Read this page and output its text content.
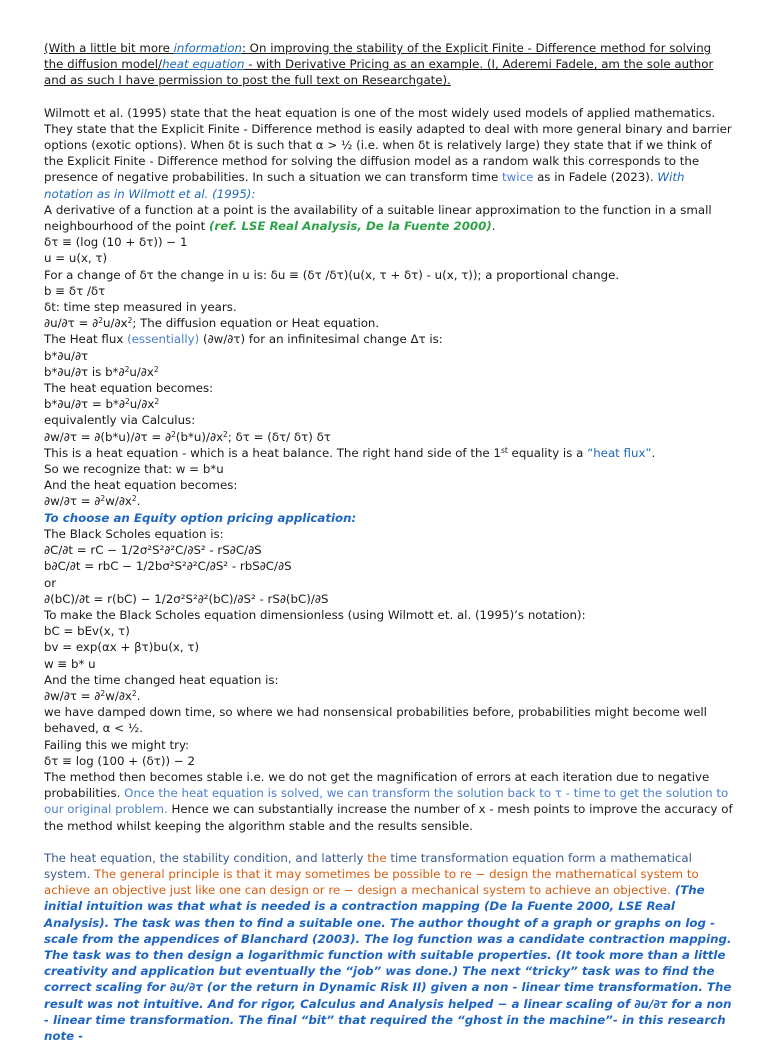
(With a little bit more information: On improving the stability of the Explicit Finite - Difference method for solving the diffusion model/heat equation - with Derivative Pricing as an example. (I, Aderemi Fadele, am the sole author and as such I have permission to post the full text on Researchgate).

Wilmott et al. (1995) state that the heat equation is one of the most widely used models of applied mathematics. They state that the Explicit Finite - Difference method is easily adapted to deal with more general binary and barrier options (exotic options). When δt is such that α > ½ (i.e. when δt is relatively large) they state that if we think of the Explicit Finite - Difference method for solving the diffusion model as a random walk this corresponds to the presence of negative probabilities. In such a situation we can transform time twice as in Fadele (2023). With notation as in Wilmott et al. (1995):

A derivative of a function at a point is the availability of a suitable linear approximation to the function in a small neighbourhood of the point (ref. LSE Real Analysis, De la Fuente 2000).

δτ ≡ (log (10 + δτ)) − 1

u = u(x, τ)

For a change of δτ the change in u is: δu ≡ (δτ /δτ)(u(x, τ + δτ) - u(x, τ)); a proportional change.

b ≡ δτ /δτ

δt: time step measured in years.

$\partial u/\partial\tau = \partial^2u/\partial x^2$; The diffusion equation or Heat equation.

The Heat flux (essentially) (∂w/∂τ) for an infinitesimal change Δτ is:

b*∂u/∂τ

b*∂u/∂τ is $b*\partial^2u/\partial x^2$

The heat equation becomes:

$b*\partial u/\partial\tau = b*\partial^2u/\partial x^2$

equivalently via Calculus:

$\partial w/\partial\tau = \partial(b*u)/\partial\tau = \partial^2(b*u)/\partial x^2$; δτ = (δτ/ δτ) δτ

This is a heat equation - which is a heat balance. The right hand side of the 1st equality is a “heat flux”.

So we recognize that: w = b*u

And the heat equation becomes:

$\partial w/\partial\tau = \partial^2w/\partial x^2$.

To choose an Equity option pricing application:

The Black Scholes equation is:

∂C/∂t = rC − 1/2σ²S²∂²C/∂S² - rS∂C/∂S

b∂C/∂t = rbC − 1/2bσ²S²∂²C/∂S² - rbS∂C/∂S

or

∂(bC)/∂t = r(bC) − 1/2σ²S²∂²(bC)/∂S² - rS∂(bC)/∂S

To make the Black Scholes equation dimensionless (using Wilmott et. al. (1995)’s notation):

bC = bEv(x, τ)

bv = exp(αx + βτ)bu(x, τ)

w ≡ b* u

And the time changed heat equation is:

$\partial w/\partial\tau = \partial^2w/\partial x^2$.

we have damped down time, so where we had nonsensical probabilities before, probabilities might become well behaved, α < ½.

Failing this we might try:

δτ ≡ log (100 + (δτ)) − 2

The method then becomes stable i.e. we do not get the magnification of errors at each iteration due to negative probabilities. Once the heat equation is solved, we can transform the solution back to τ - time to get the solution to our original problem. Hence we can substantially increase the number of x - mesh points to improve the accuracy of the method whilst keeping the algorithm stable and the results sensible.

The heat equation, the stability condition, and latterly the time transformation equation form a mathematical system. The general principle is that it may sometimes be possible to re − design the mathematical system to achieve an objective just like one can design or re − design a mechanical system to achieve an objective. (The initial intuition was that what is needed is a contraction mapping (De la Fuente 2000, LSE Real Analysis). The task was then to find a suitable one. The author thought of a graph or graphs on log - scale from the appendices of Blanchard (2003). The log function was a candidate contraction mapping. The task was to then design a logarithmic function with suitable properties. (It took more than a little creativity and application but eventually the “job” was done.) The next “tricky” task was to find the correct scaling for ∂u/∂τ (or the return in Dynamic Risk II) given a non - linear time transformation. The result was not intuitive. And for rigor, Calculus and Analysis helped − a linear scaling of ∂u/∂τ for a non - linear time transformation. The final “bit” that required the “ghost in the machine”- in this research note -
